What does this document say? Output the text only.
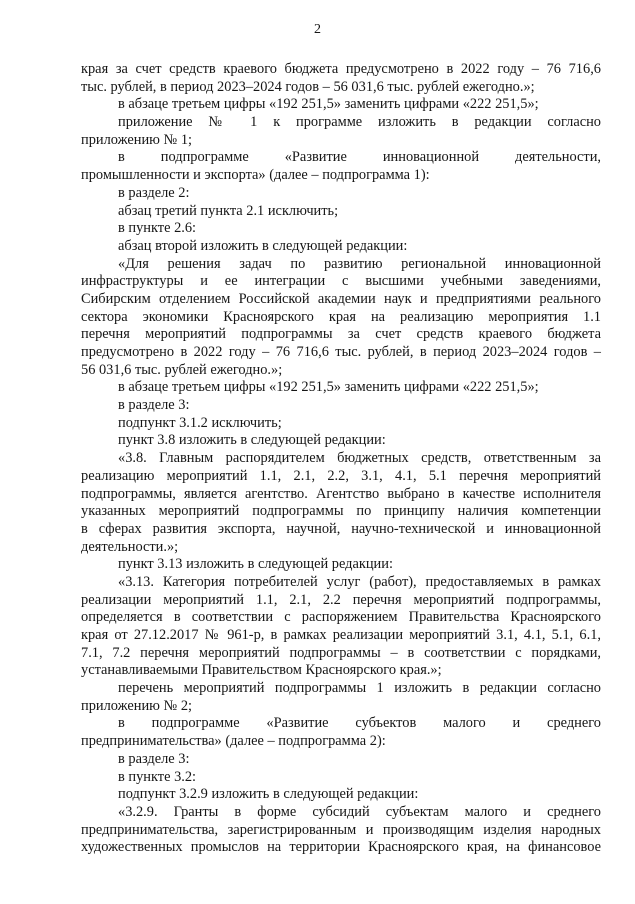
2
края за счет средств краевого бюджета предусмотрено в 2022 году – 76 716,6
тыс. рублей, в период 2023–2024 годов – 56 031,6 тыс. рублей ежегодно.»;
в абзаце третьем цифры «192 251,5» заменить цифрами «222 251,5»;
приложение № 1 к программе изложить в редакции согласно
приложению № 1;
в подпрограмме «Развитие инновационной деятельности,
промышленности и экспорта» (далее – подпрограмма 1):
в разделе 2:
абзац третий пункта 2.1 исключить;
в пункте 2.6:
абзац второй изложить в следующей редакции:
«Для решения задач по развитию региональной инновационной
инфраструктуры и ее интеграции с высшими учебными заведениями,
Сибирским отделением Российской академии наук и предприятиями реального
сектора экономики Красноярского края на реализацию мероприятия 1.1
перечня мероприятий подпрограммы за счет средств краевого бюджета
предусмотрено в 2022 году – 76 716,6 тыс. рублей, в период 2023–2024 годов –
56 031,6 тыс. рублей ежегодно.»;
в абзаце третьем цифры «192 251,5» заменить цифрами «222 251,5»;
в разделе 3:
подпункт 3.1.2 исключить;
пункт 3.8 изложить в следующей редакции:
«3.8. Главным распорядителем бюджетных средств, ответственным за
реализацию мероприятий 1.1, 2.1, 2.2, 3.1, 4.1, 5.1 перечня мероприятий
подпрограммы, является агентство. Агентство выбрано в качестве исполнителя
указанных мероприятий подпрограммы по принципу наличия компетенции
в сферах развития экспорта, научной, научно-технической и инновационной
деятельности.»;
пункт 3.13 изложить в следующей редакции:
«3.13. Категория потребителей услуг (работ), предоставляемых в рамках
реализации мероприятий 1.1, 2.1, 2.2 перечня мероприятий подпрограммы,
определяется в соответствии с распоряжением Правительства Красноярского
края от 27.12.2017 № 961-р, в рамках реализации мероприятий 3.1, 4.1, 5.1, 6.1,
7.1, 7.2 перечня мероприятий подпрограммы – в соответствии с порядками,
устанавливаемыми Правительством Красноярского края.»;
перечень мероприятий подпрограммы 1 изложить в редакции согласно
приложению № 2;
в подпрограмме «Развитие субъектов малого и среднего
предпринимательства» (далее – подпрограмма 2):
в разделе 3:
в пункте 3.2:
подпункт 3.2.9 изложить в следующей редакции:
«3.2.9. Гранты в форме субсидий субъектам малого и среднего
предпринимательства, зарегистрированным и производящим изделия народных
художественных промыслов на территории Красноярского края, на финансовое
